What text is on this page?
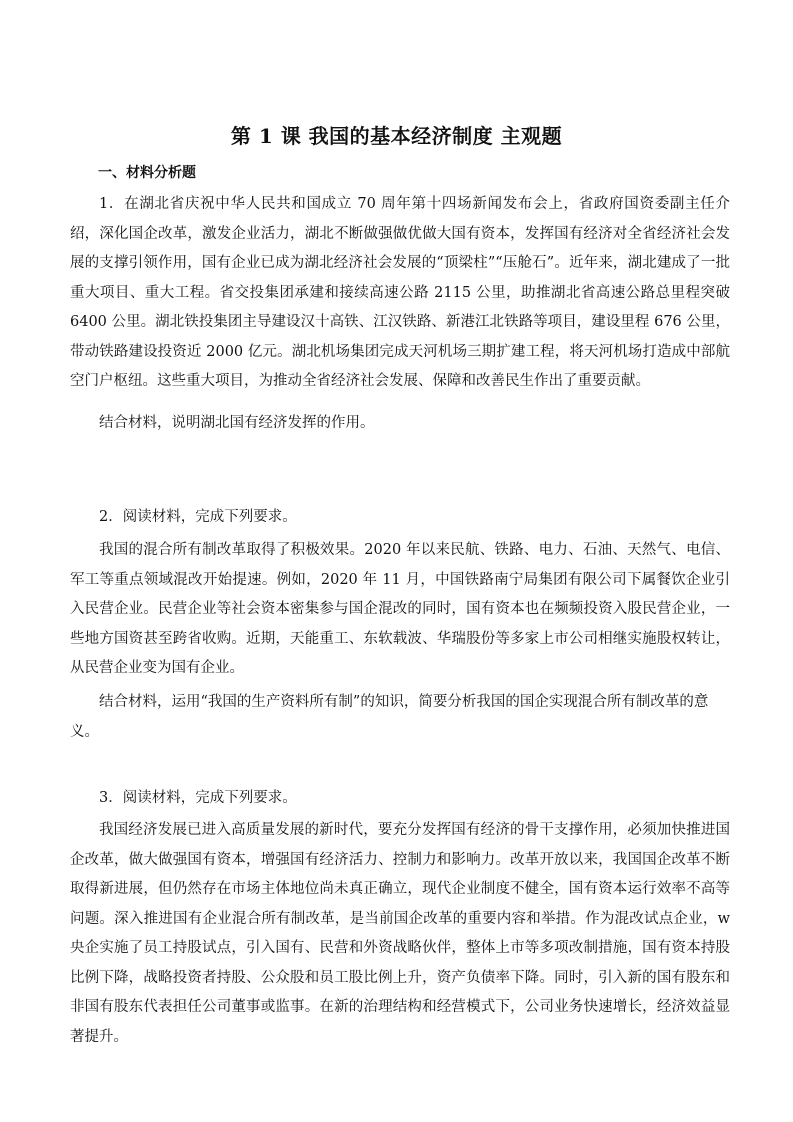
第 1 课 我国的基本经济制度 主观题
一、材料分析题
1．在湖北省庆祝中华人民共和国成立 70 周年第十四场新闻发布会上，省政府国资委副主任介绍，深化国企改革，激发企业活力，湖北不断做强做优做大国有资本，发挥国有经济对全省经济社会发展的支撑引领作用，国有企业已成为湖北经济社会发展的“顶梁柱”“压舱石”。近年来，湖北建成了一批重大项目、重大工程。省交投集团承建和接续高速公路 2115 公里，助推湖北省高速公路总里程突破 6400 公里。湖北铁投集团主导建设汉十高铁、江汉铁路、新港江北铁路等项目，建设里程 676 公里，带动铁路建设投资近 2000 亿元。湖北机场集团完成天河机场三期扩建工程，将天河机场打造成中部航空门户枢纽。这些重大项目，为推动全省经济社会发展、保障和改善民生作出了重要贡献。
结合材料，说明湖北国有经济发挥的作用。
2．阅读材料，完成下列要求。
我国的混合所有制改革取得了积极效果。2020 年以来民航、铁路、电力、石油、天然气、电信、军工等重点领域混改开始提速。例如，2020 年 11 月，中国铁路南宁局集团有限公司下属餐饮企业引入民营企业。民营企业等社会资本密集参与国企混改的同时，国有资本也在频频投资入股民营企业，一些地方国资甚至跨省收购。近期，天能重工、东软载波、华瑞股份等多家上市公司相继实施股权转让，从民营企业变为国有企业。
结合材料，运用“我国的生产资料所有制”的知识，简要分析我国的国企实现混合所有制改革的意义。
3．阅读材料，完成下列要求。
我国经济发展已进入高质量发展的新时代，要充分发挥国有经济的骨干支撑作用，必须加快推进国企改革，做大做强国有资本，增强国有经济活力、控制力和影响力。改革开放以来，我国国企改革不断取得新进展，但仍然存在市场主体地位尚未真正确立，现代企业制度不健全，国有资本运行效率不高等问题。深入推进国有企业混合所有制改革，是当前国企改革的重要内容和举措。作为混改试点企业，w 央企实施了员工持股试点，引入国有、民营和外资战略伙伴，整体上市等多项改制措施，国有资本持股比例下降，战略投资者持股、公众股和员工股比例上升，资产负债率下降。同时，引入新的国有股东和非国有股东代表担任公司董事或监事。在新的治理结构和经营模式下，公司业务快速增长，经济效益显著提升。
